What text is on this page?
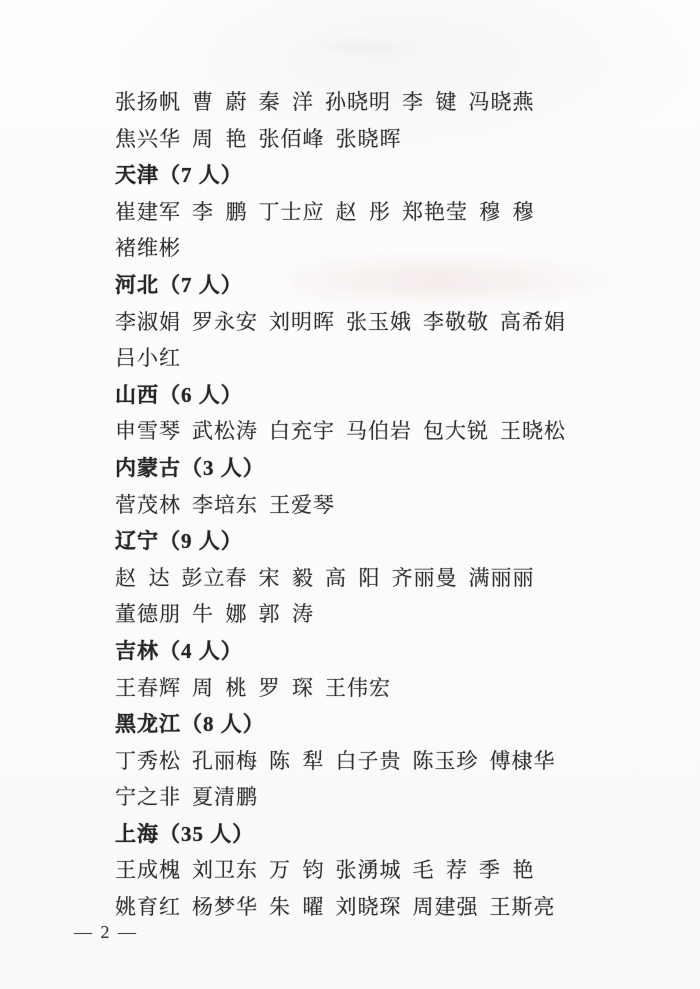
张扬帆 曹 蔚 秦 洋 孙晓明 李 键 冯晓燕
焦兴华 周 艳 张佰峰 张晓晖
天津（7 人）
崔建军 李 鹏 丁士应 赵 彤 郑艳莹 穆 穆
褚维彬
河北（7 人）
李淑娟 罗永安 刘明晖 张玉娥 李敬敬 高希娟
吕小红
山西（6 人）
申雪琴 武松涛 白充宇 马伯岩 包大锐 王晓松
内蒙古（3 人）
菅茂林 李培东 王爱琴
辽宁（9 人）
赵 达 彭立春 宋 毅 高 阳 齐丽曼 满丽丽
董德朋 牛 娜 郭 涛
吉林（4 人）
王春辉 周 桃 罗 琛 王伟宏
黑龙江（8 人）
丁秀松 孔丽梅 陈 犁 白子贵 陈玉珍 傅棣华
宁之非 夏清鹏
上海（35 人）
王成槐 刘卫东 万 钧 张湧城 毛 荐 季 艳
姚育红 杨梦华 朱 曜 刘晓琛 周建强 王斯亮
— 2 —
